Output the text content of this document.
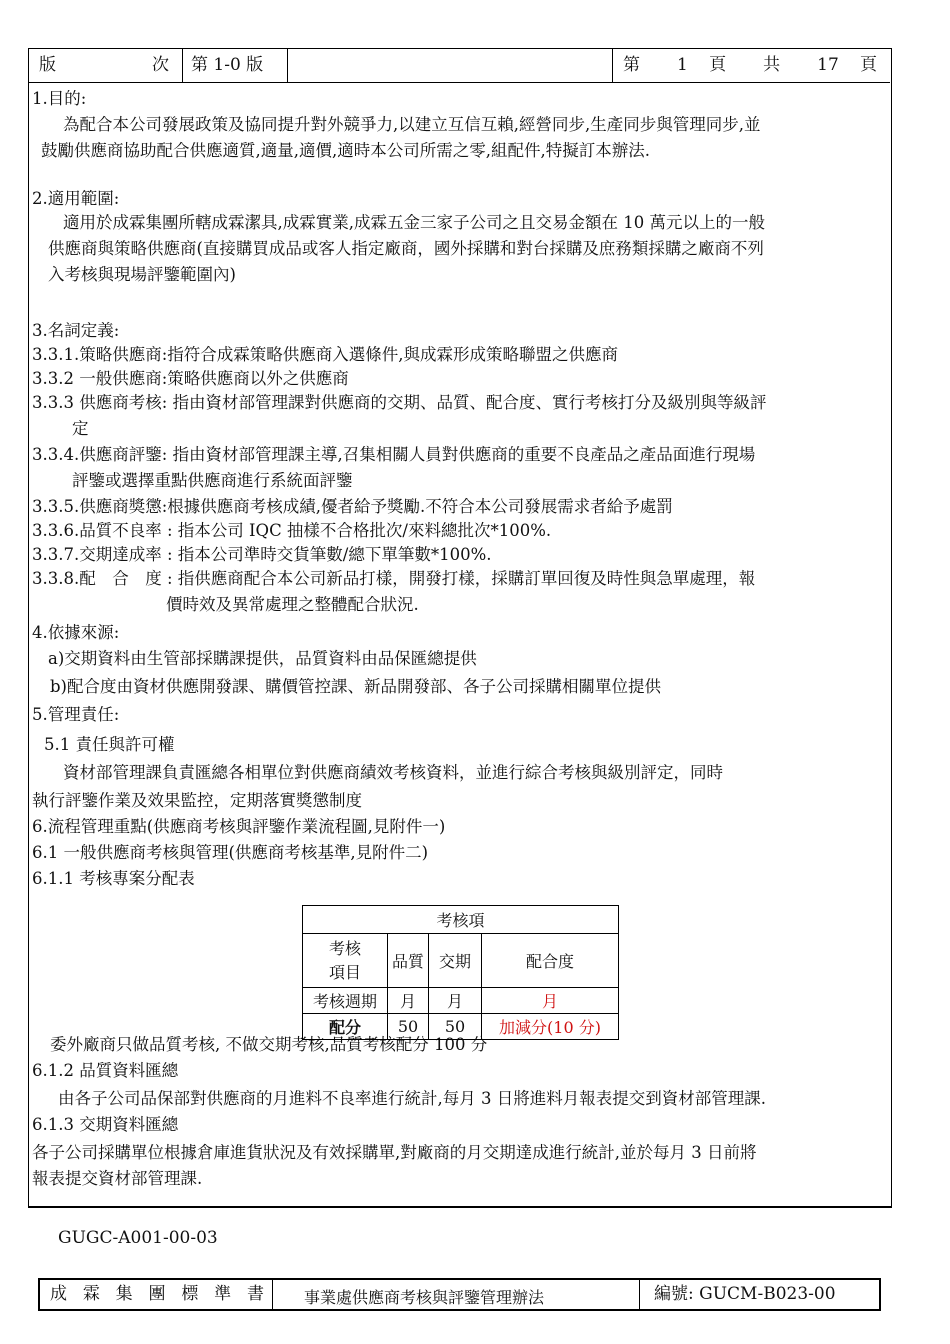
版 次 第 1-0 版	第 1 頁 共 17 頁
1.目的:
為配合本公司發展政策及協同提升對外競爭力,以建立互信互賴,經營同步,生產同步與管理同步,並
鼓勵供應商協助配合供應適質,適量,適價,適時本公司所需之零,組配件,特擬訂本辦法.
2.適用範圍:
適用於成霖集團所轄成霖潔具,成霖實業,成霖五金三家子公司之且交易金額在 10 萬元以上的一般
供應商與策略供應商(直接購買成品或客人指定廠商，國外採購和對台採購及庶務類採購之廠商不列
入考核與現場評鑒範圍內)
3.名詞定義:
3.3.1.策略供應商:指符合成霖策略供應商入選條件,與成霖形成策略聯盟之供應商
3.3.2 一般供應商:策略供應商以外之供應商
3.3.3 供應商考核: 指由資材部管理課對供應商的交期、品質、配合度、實行考核打分及級別與等級評
定
3.3.4.供應商評鑒: 指由資材部管理課主導,召集相關人員對供應商的重要不良產品之產品面進行現場
評鑒或選擇重點供應商進行系統面評鑒
3.3.5.供應商獎懲:根據供應商考核成績,優者給予獎勵.不符合本公司發展需求者給予處罰
3.3.6.品質不良率 : 指本公司 IQC 抽樣不合格批次/來料總批次*100%.
3.3.7.交期達成率 : 指本公司準時交貨筆數/總下單筆數*100%.
3.3.8.配　合　度 : 指供應商配合本公司新品打樣，開發打樣，採購訂單回復及時性與急單處理，報
價時效及異常處理之整體配合狀況.
4.依據來源:
a)交期資料由生管部採購課提供，品質資料由品保匯總提供
b)配合度由資材供應開發課、購價管控課、新品開發部、各子公司採購相關單位提供
5.管理責任:
5.1 責任與許可權
資材部管理課負責匯總各相單位對供應商績效考核資料，並進行綜合考核與級別評定，同時
執行評鑒作業及效果監控，定期落實獎懲制度
6.流程管理重點(供應商考核與評鑒作業流程圖,見附件一)
6.1 一般供應商考核與管理(供應商考核基準,見附件二)
6.1.1 考核專案分配表
委外廠商只做品質考核, 不做交期考核,品質考核配分 100 分
6.1.2 品質資料匯總
由各子公司品保部對供應商的月進料不良率進行統計,每月 3 日將進料月報表提交到資材部管理課.
6.1.3 交期資料匯總
各子公司採購單位根據倉庫進貨狀況及有效採購單,對廠商的月交期達成進行統計,並於每月 3 日前將
報表提交資材部管理課.
考核項			
考核項目	品質	交期	配合度
考核週期	月	月	月
配分	50	50	加減分(10 分)
GUGC-A001-00-03
成 霖 集 團 標 準 書	事業處供應商考核與評鑒管理辦法	編號: GUCM-B023-00
